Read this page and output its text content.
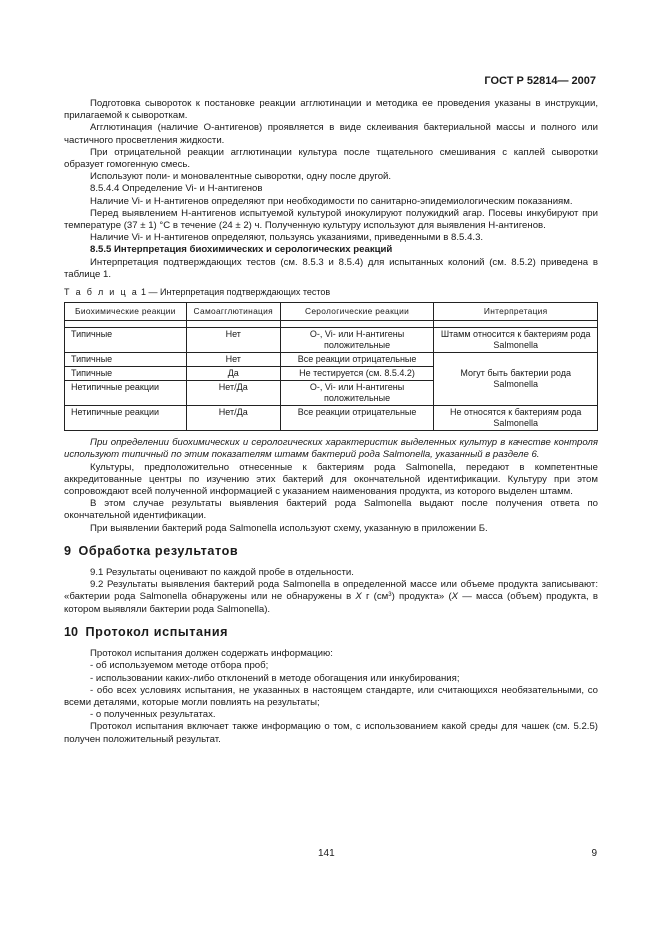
ГОСТ Р 52814— 2007

Подготовка сывороток к постановке реакции агглютинации и методика ее проведения указаны в инструкции, прилагаемой к сывороткам.

Агглютинация (наличие О-антигенов) проявляется в виде склеивания бактериальной массы и полного или частичного просветления жидкости.

При отрицательной реакции агглютинации культура после тщательного смешивания с каплей сыворотки образует гомогенную смесь.

Используют поли- и моновалентные сыворотки, одну после другой.

8.5.4.4 Определение Vi- и Н-антигенов

Наличие Vi- и Н-антигенов определяют при необходимости по санитарно-эпидемиологическим показаниям.

Перед выявлением Н-антигенов испытуемой культурой инокулируют полужидкий агар. Посевы инкубируют при температуре (37 ± 1) °С в течение (24 ± 2) ч. Полученную культуру используют для выявления Н-антигенов.

Наличие Vi- и Н-антигенов определяют, пользуясь указаниями, приведенными в 8.5.4.3.

8.5.5 Интерпретация биохимических и серологических реакций

Интерпретация подтверждающих тестов (см. 8.5.3 и 8.5.4) для испытанных колоний (см. 8.5.2) приведена в таблице 1.

Т а б л и ц а 1 — Интерпретация подтверждающих тестов

Биохимические реакции	Самоагглютинация	Серологические реакции	Интерпретация

Типичные	Нет	О-, Vi- или Н-антигены положительные	Штамм относится к бактериям рода Salmonella
Типичные	Нет	Все реакции отрицательные	Могут быть бактерии рода Salmonella
Типичные	Да	Не тестируется (см. 8.5.4.2)	
Нетипичные реакции	Нет/Да	О-, Vi- или Н-антигены положительные	
Нетипичные реакции	Нет/Да	Все реакции отрицательные	Не относятся к бактериям рода Salmonella

При определении биохимических и серологических характеристик выделенных культур в качестве контроля используют типичный по этим показателям штамм бактерий рода Salmonella, указанный в разделе 6.

Культуры, предположительно отнесенные к бактериям рода Salmonella, передают в компетентные аккредитованные центры по изучению этих бактерий для окончательной идентификации. Культуру при этом сопровождают всей полученной информацией с указанием наименования продукта, из которого выделен штамм.

В этом случае результаты выявления бактерий рода Salmonella выдают после получения ответа по окончательной идентификации.

При выявлении бактерий рода Salmonella используют схему, указанную в приложении Б.

9 Обработка результатов

9.1 Результаты оценивают по каждой пробе в отдельности.

9.2 Результаты выявления бактерий рода Salmonella в определенной массе или объеме продукта записывают: «бактерии рода Salmonella обнаружены или не обнаружены в X г $(см^3)$ продукта» (X — масса (объем) продукта, в котором выявляли бактерии рода Salmonella).

10 Протокол испытания

Протокол испытания должен содержать информацию:

- об используемом методе отбора проб;

- использовании каких-либо отклонений в методе обогащения или инкубирования;

- обо всех условиях испытания, не указанных в настоящем стандарте, или считающихся необязательными, со всеми деталями, которые могли повлиять на результаты;

- о полученных результатах.

Протокол испытания включает также информацию о том, с использованием какой среды для чашек (см. 5.2.5) получен положительный результат.

141	9
